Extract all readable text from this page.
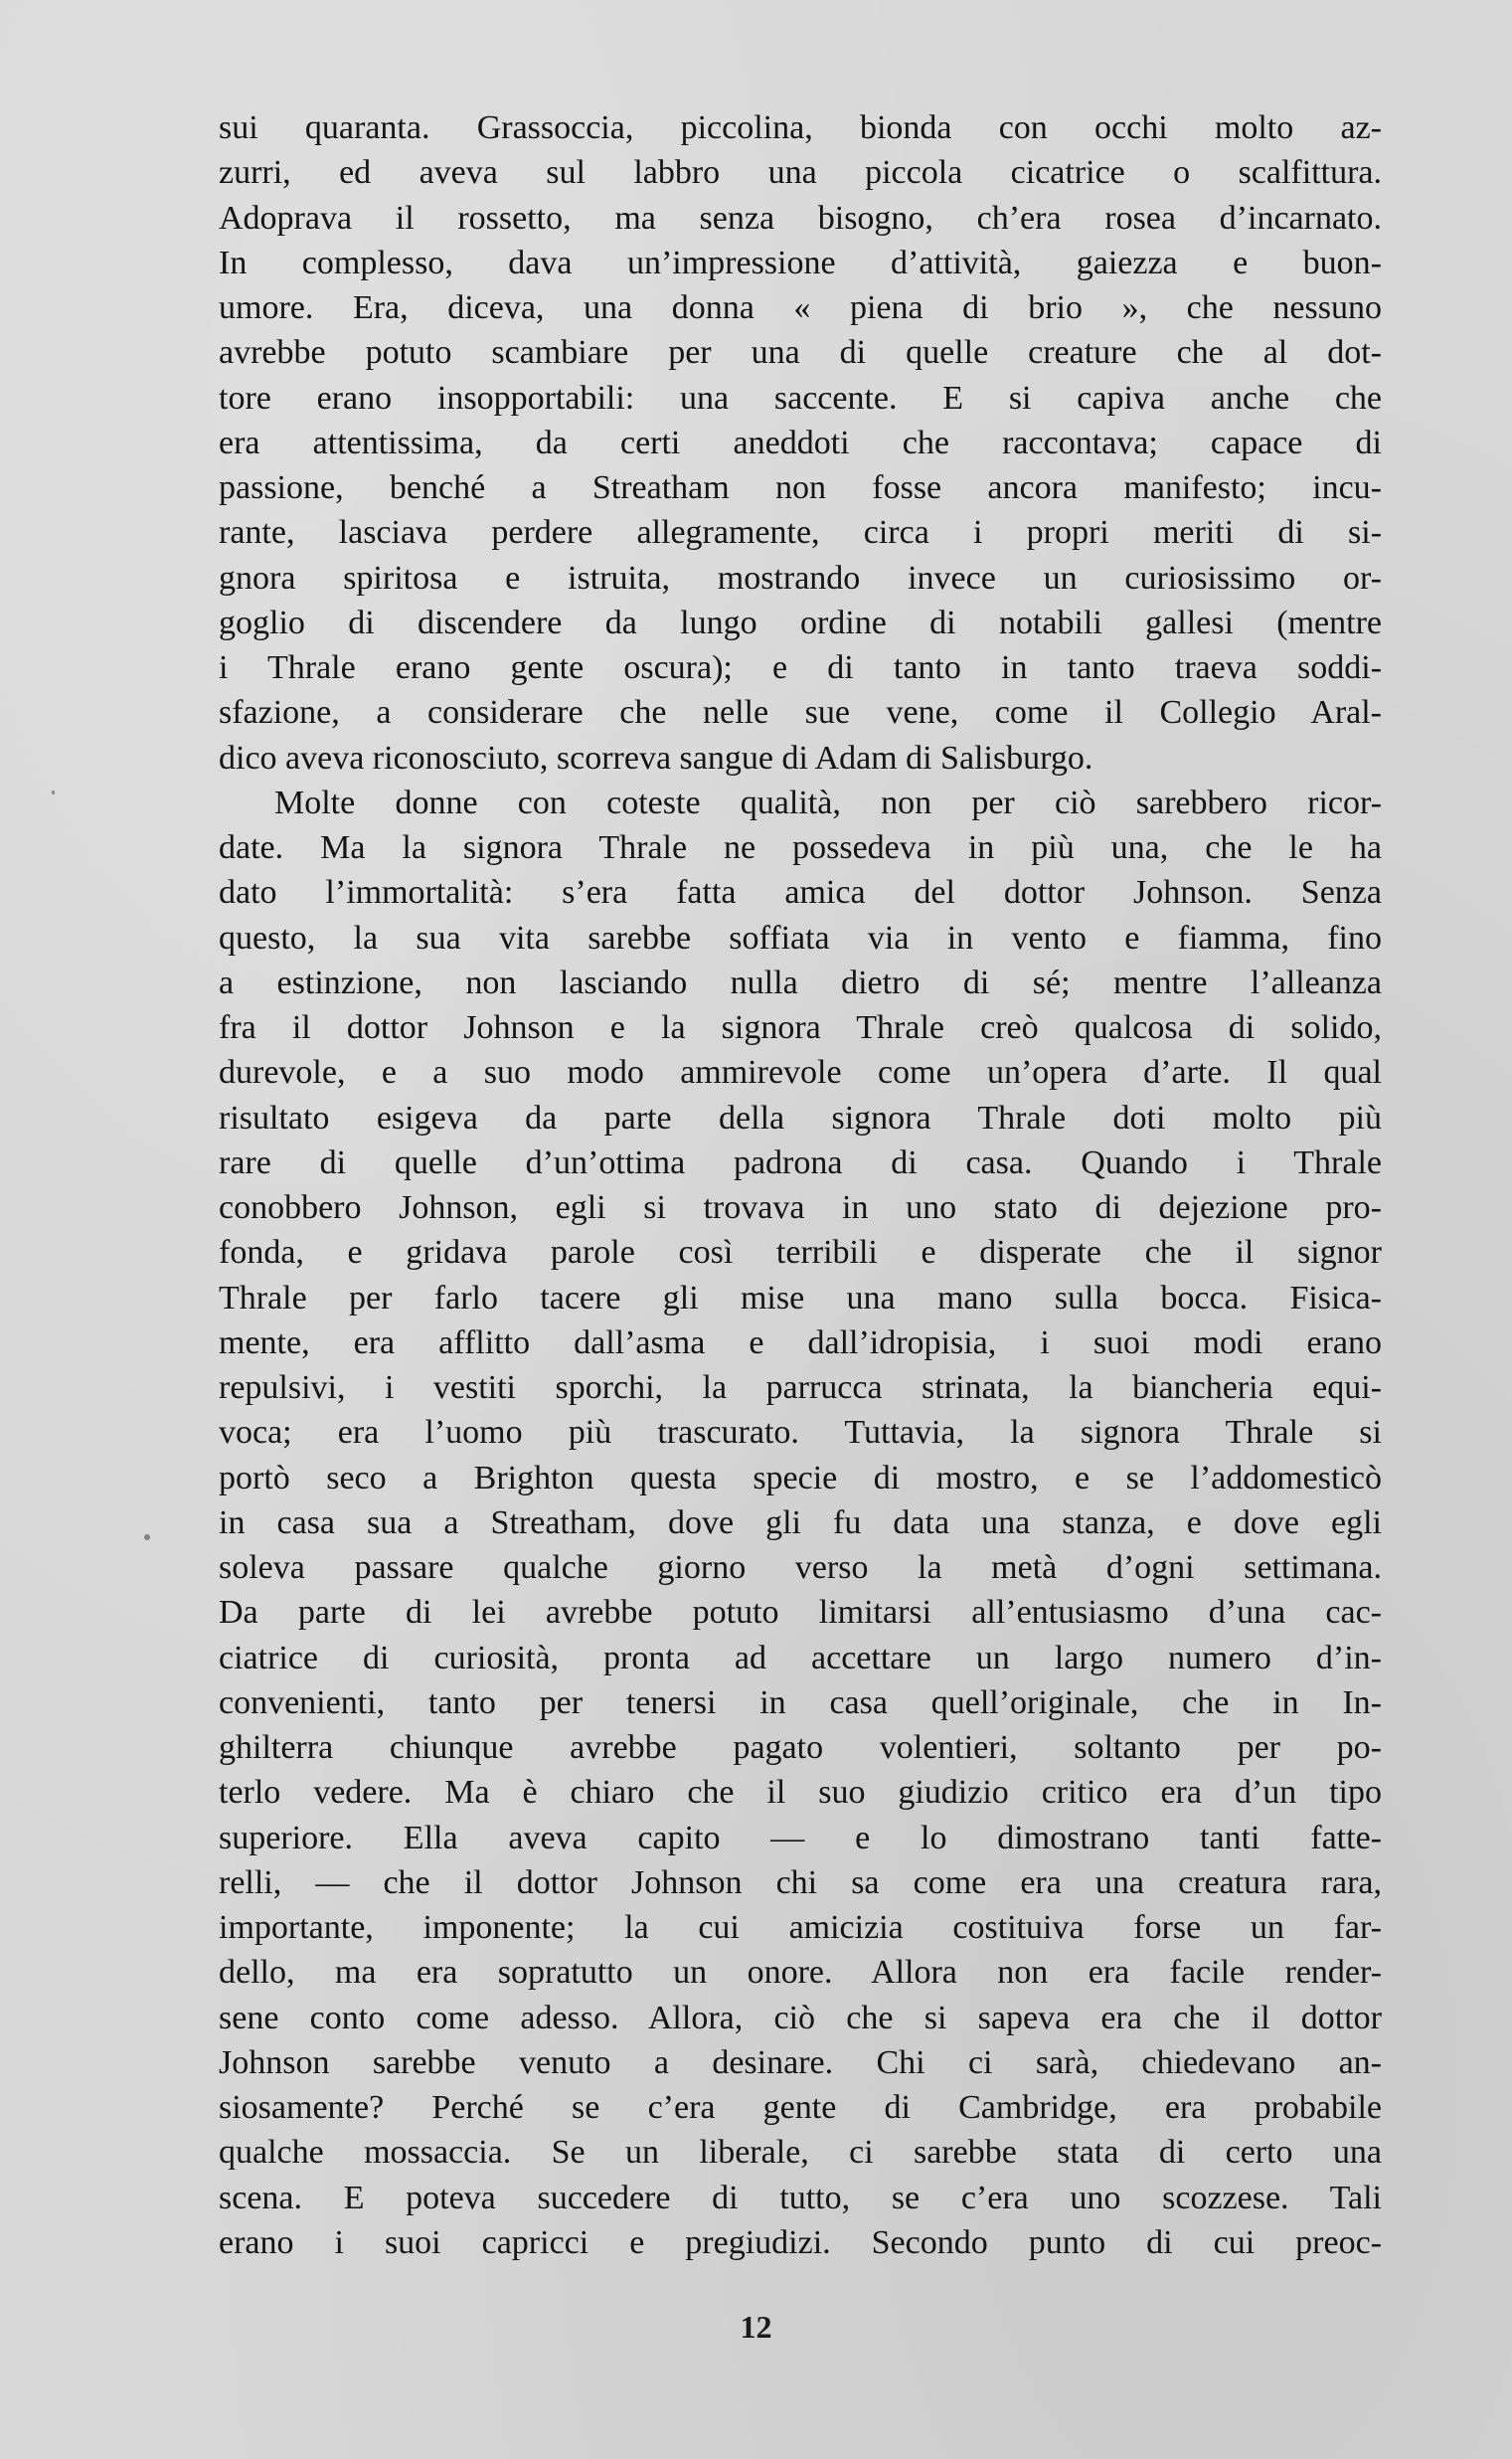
sui quaranta. Grassoccia, piccolina, bionda con occhi molto az-
zurri, ed aveva sul labbro una piccola cicatrice o scalfittura.
Adoprava il rossetto, ma senza bisogno, ch’era rosea d’incarnato.
In complesso, dava un’impressione d’attività, gaiezza e buon-
umore. Era, diceva, una donna « piena di brio », che nessuno
avrebbe potuto scambiare per una di quelle creature che al dot-
tore erano insopportabili: una saccente. E si capiva anche che
era attentissima, da certi aneddoti che raccontava; capace di
passione, benché a Streatham non fosse ancora manifesto; incu-
rante, lasciava perdere allegramente, circa i propri meriti di si-
gnora spiritosa e istruita, mostrando invece un curiosissimo or-
goglio di discendere da lungo ordine di notabili gallesi (mentre
i Thrale erano gente oscura); e di tanto in tanto traeva soddi-
sfazione, a considerare che nelle sue vene, come il Collegio Aral-
dico aveva riconosciuto, scorreva sangue di Adam di Salisburgo.
Molte donne con coteste qualità, non per ciò sarebbero ricor-
date. Ma la signora Thrale ne possedeva in più una, che le ha
dato l’immortalità: s’era fatta amica del dottor Johnson. Senza
questo, la sua vita sarebbe soffiata via in vento e fiamma, fino
a estinzione, non lasciando nulla dietro di sé; mentre l’alleanza
fra il dottor Johnson e la signora Thrale creò qualcosa di solido,
durevole, e a suo modo ammirevole come un’opera d’arte. Il qual
risultato esigeva da parte della signora Thrale doti molto più
rare di quelle d’un’ottima padrona di casa. Quando i Thrale
conobbero Johnson, egli si trovava in uno stato di dejezione pro-
fonda, e gridava parole così terribili e disperate che il signor
Thrale per farlo tacere gli mise una mano sulla bocca. Fisica-
mente, era afflitto dall’asma e dall’idropisia, i suoi modi erano
repulsivi, i vestiti sporchi, la parrucca strinata, la biancheria equi-
voca; era l’uomo più trascurato. Tuttavia, la signora Thrale si
portò seco a Brighton questa specie di mostro, e se l’addomesticò
in casa sua a Streatham, dove gli fu data una stanza, e dove egli
soleva passare qualche giorno verso la metà d’ogni settimana.
Da parte di lei avrebbe potuto limitarsi all’entusiasmo d’una cac-
ciatrice di curiosità, pronta ad accettare un largo numero d’in-
convenienti, tanto per tenersi in casa quell’originale, che in In-
ghilterra chiunque avrebbe pagato volentieri, soltanto per po-
terlo vedere. Ma è chiaro che il suo giudizio critico era d’un tipo
superiore. Ella aveva capito — e lo dimostrano tanti fatte-
relli, — che il dottor Johnson chi sa come era una creatura rara,
importante, imponente; la cui amicizia costituiva forse un far-
dello, ma era sopratutto un onore. Allora non era facile render-
sene conto come adesso. Allora, ciò che si sapeva era che il dottor
Johnson sarebbe venuto a desinare. Chi ci sarà, chiedevano an-
siosamente? Perché se c’era gente di Cambridge, era probabile
qualche mossaccia. Se un liberale, ci sarebbe stata di certo una
scena. E poteva succedere di tutto, se c’era uno scozzese. Tali
erano i suoi capricci e pregiudizi. Secondo punto di cui preoc-
12
